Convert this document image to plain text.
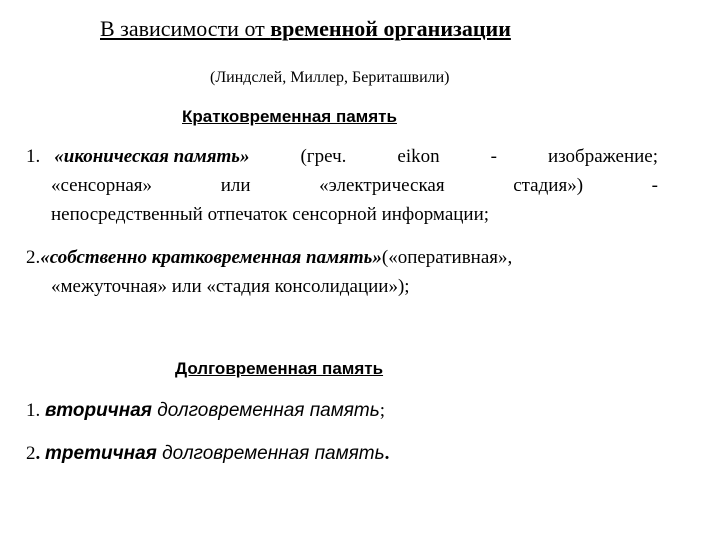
В зависимости от временной организации
(Линдслей, Миллер, Бериташвили)
Кратковременная память
1. «иконическая память»	(греч.	eikon	-	изображение;
«сенсорная»	или	«электрическая	стадия»)	-
непосредственный отпечаток сенсорной информации;
2. «собственно кратковременная память» («оперативная»,
«межуточная» или «стадия консолидации»);
Долговременная память
1. вторичная долговременная память;
2. третичная долговременная память.
